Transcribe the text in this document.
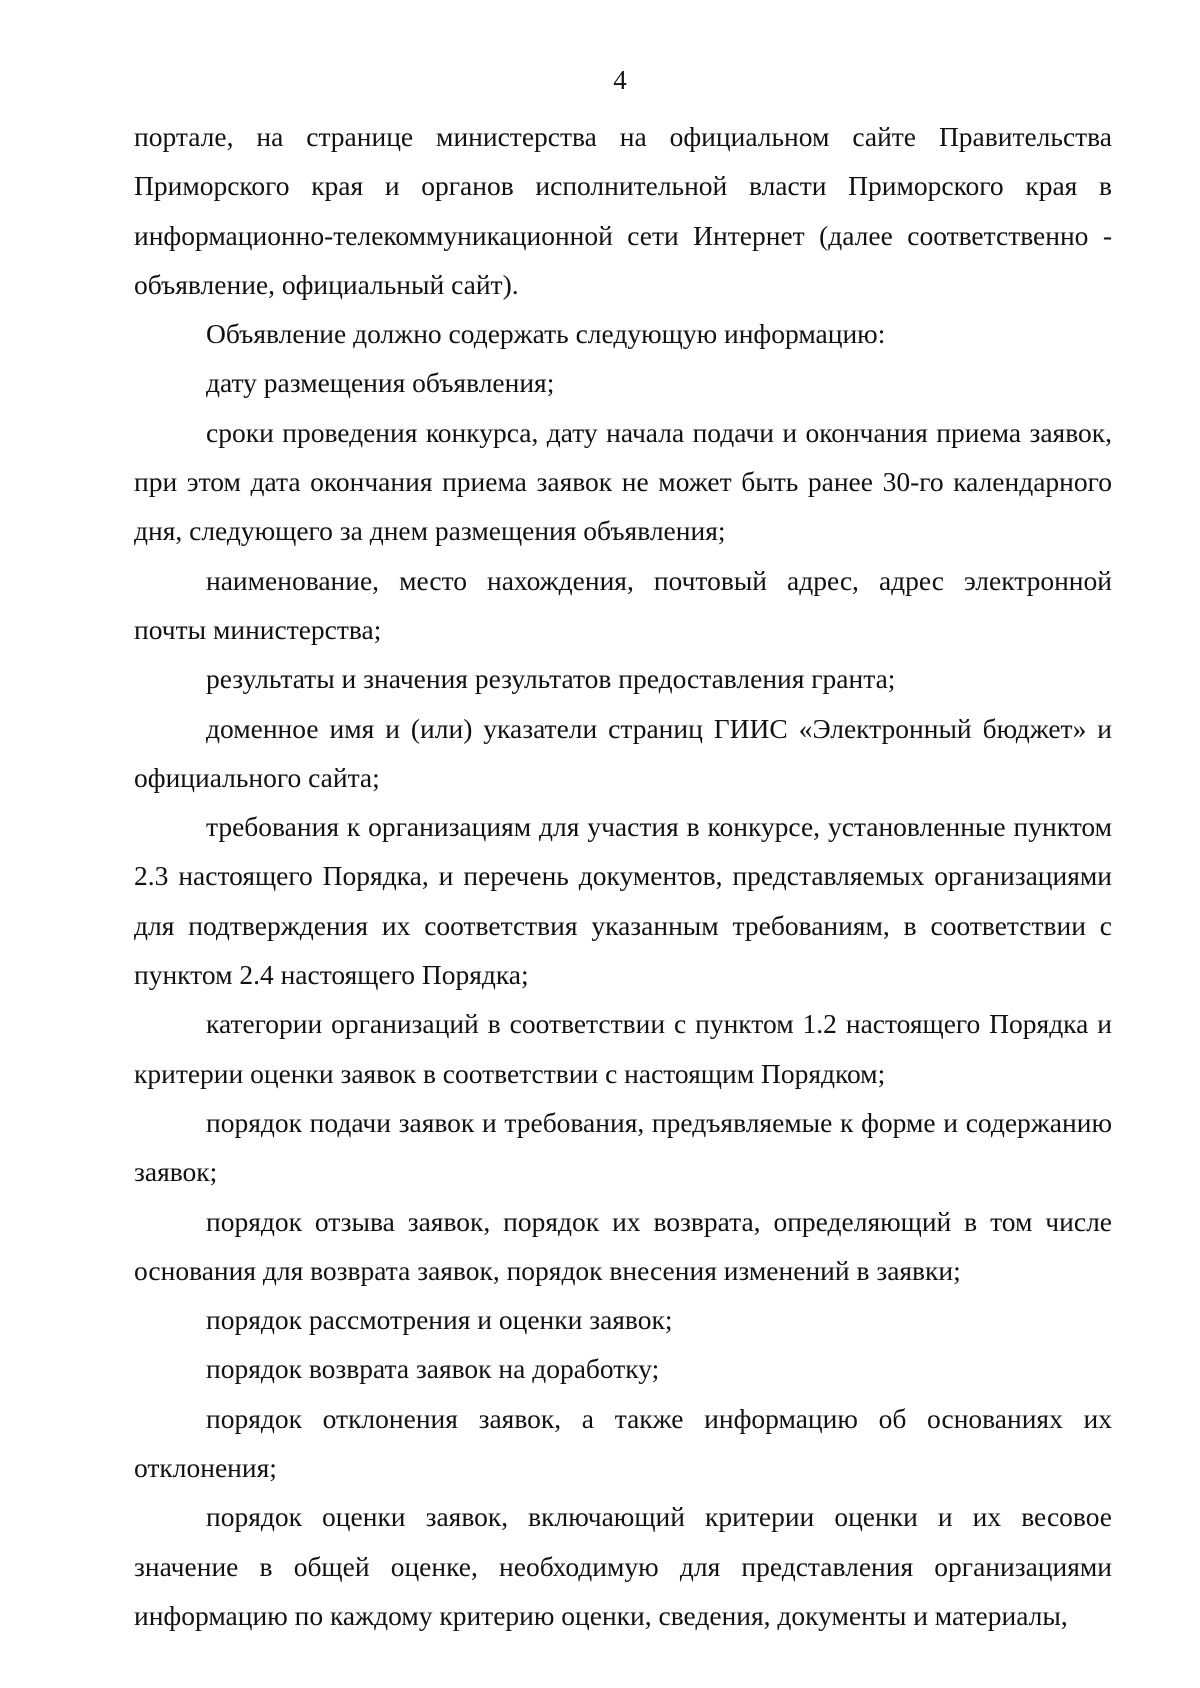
4

портале, на странице министерства на официальном сайте Правительства Приморского края и органов исполнительной власти Приморского края в информационно-телекоммуникационной сети Интернет (далее соответственно - объявление, официальный сайт).

Объявление должно содержать следующую информацию:

дату размещения объявления;

сроки проведения конкурса, дату начала подачи и окончания приема заявок, при этом дата окончания приема заявок не может быть ранее 30-го календарного дня, следующего за днем размещения объявления;

наименование, место нахождения, почтовый адрес, адрес электронной почты министерства;

результаты и значения результатов предоставления гранта;

доменное имя и (или) указатели страниц ГИИС «Электронный бюджет» и официального сайта;

требования к организациям для участия в конкурсе, установленные пунктом 2.3 настоящего Порядка, и перечень документов, представляемых организациями для подтверждения их соответствия указанным требованиям, в соответствии с пунктом 2.4 настоящего Порядка;

категории организаций в соответствии с пунктом 1.2 настоящего Порядка и критерии оценки заявок в соответствии с настоящим Порядком;

порядок подачи заявок и требования, предъявляемые к форме и содержанию заявок;

порядок отзыва заявок, порядок их возврата, определяющий в том числе основания для возврата заявок, порядок внесения изменений в заявки;

порядок рассмотрения и оценки заявок;

порядок возврата заявок на доработку;

порядок отклонения заявок, а также информацию об основаниях их отклонения;

порядок оценки заявок, включающий критерии оценки и их весовое значение в общей оценке, необходимую для представления организациями информацию по каждому критерию оценки, сведения, документы и материалы,
